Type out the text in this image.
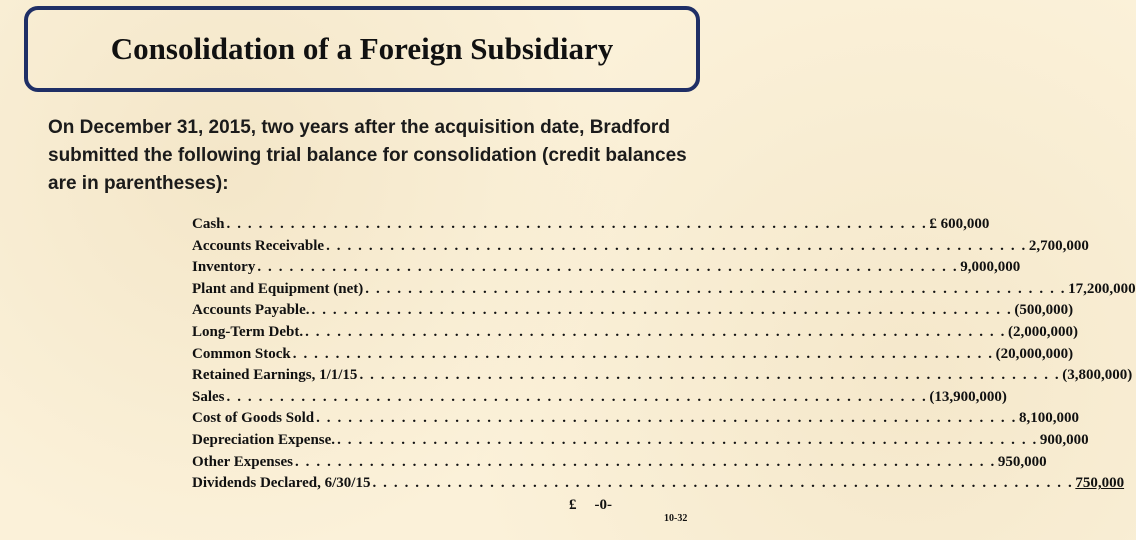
Consolidation of a Foreign Subsidiary
On December 31, 2015, two years after the acquisition date, Bradford submitted the following trial balance for consolidation (credit balances are in parentheses):
Cash . . . . . . . . . . . . . . . . . . . . . . . . . . . . . . . . . . . . . . . . . . . . . . . . . . . . . . . . . . . . . . . . . . £ 600,000
Accounts Receivable . . . . . . . . . . . . . . . . . . . . . . . . . . . . . . . . . . . . . . . . . . . . . . . . . . . . . . . . . . . . . . . . . . 2,700,000
Inventory . . . . . . . . . . . . . . . . . . . . . . . . . . . . . . . . . . . . . . . . . . . . . . . . . . . . . . . . . . . . . . . . . . 9,000,000
Plant and Equipment (net) . . . . . . . . . . . . . . . . . . . . . . . . . . . . . . . . . . . . . . . . . . . . . . . . . . . . . . . . . . . . . . . . . . 17,200,000
Accounts Payable. . . . . . . . . . . . . . . . . . . . . . . . . . . . . . . . . . . . . . . . . . . . . . . . . . . . . . . . . . . . . . . . . . . (500,000)
Long-Term Debt. . . . . . . . . . . . . . . . . . . . . . . . . . . . . . . . . . . . . . . . . . . . . . . . . . . . . . . . . . . . . . . . . . . (2,000,000)
Common Stock . . . . . . . . . . . . . . . . . . . . . . . . . . . . . . . . . . . . . . . . . . . . . . . . . . . . . . . . . . . . . . . . . . (20,000,000)
Retained Earnings, 1/1/15 . . . . . . . . . . . . . . . . . . . . . . . . . . . . . . . . . . . . . . . . . . . . . . . . . . . . . . . . . . . . . . . . . . (3,800,000)
Sales . . . . . . . . . . . . . . . . . . . . . . . . . . . . . . . . . . . . . . . . . . . . . . . . . . . . . . . . . . . . . . . . . . (13,900,000)
Cost of Goods Sold . . . . . . . . . . . . . . . . . . . . . . . . . . . . . . . . . . . . . . . . . . . . . . . . . . . . . . . . . . . . . . . . . . 8,100,000
Depreciation Expense. . . . . . . . . . . . . . . . . . . . . . . . . . . . . . . . . . . . . . . . . . . . . . . . . . . . . . . . . . . . . . . . . . . 900,000
Other Expenses . . . . . . . . . . . . . . . . . . . . . . . . . . . . . . . . . . . . . . . . . . . . . . . . . . . . . . . . . . . . . . . . . . 950,000
Dividends Declared, 6/30/15 . . . . . . . . . . . . . . . . . . . . . . . . . . . . . . . . . . . . . . . . . . . . . . . . . . . . . . . . . . . . . . . . . . 750,000
£ -0-
10-32
